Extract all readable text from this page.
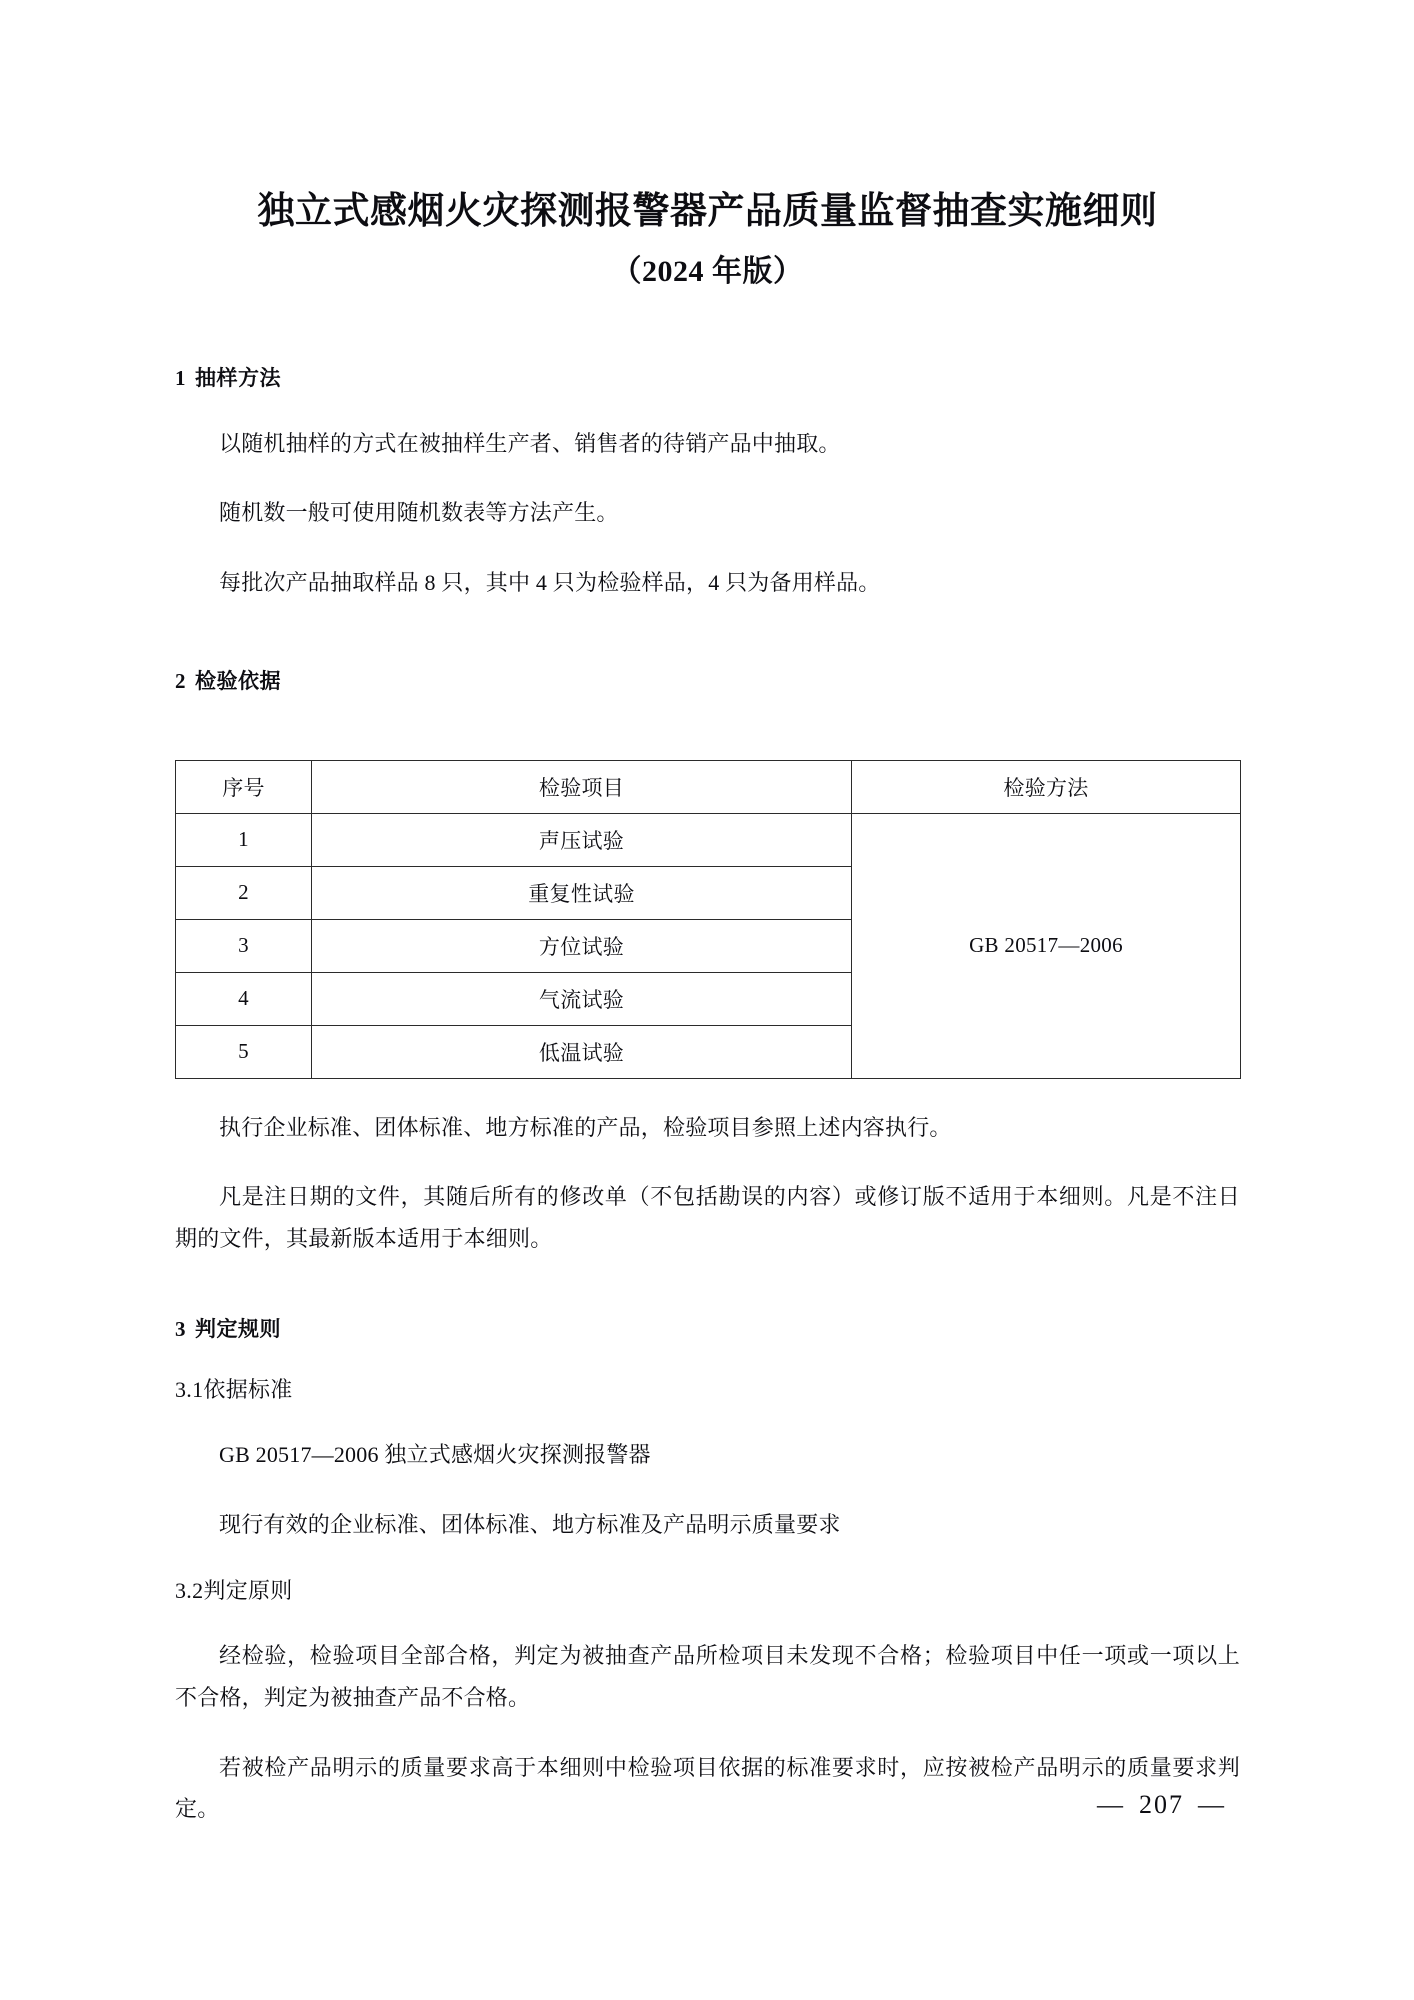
独立式感烟火灾探测报警器产品质量监督抽查实施细则
（2024 年版）
1 抽样方法

以随机抽样的方式在被抽样生产者、销售者的待销产品中抽取。

随机数一般可使用随机数表等方法产生。

每批次产品抽取样品 8 只，其中 4 只为检验样品，4 只为备用样品。

2 检验依据
序号	检验项目	检验方法
1	声压试验	GB 20517—2006
2	重复性试验	
3	方位试验	
4	气流试验	
5	低温试验	

执行企业标准、团体标准、地方标准的产品，检验项目参照上述内容执行。

凡是注日期的文件，其随后所有的修改单（不包括勘误的内容）或修订版不适用于本细则。凡是不注日期的文件，其最新版本适用于本细则。

3 判定规则
3.1依据标准

GB 20517—2006 独立式感烟火灾探测报警器

现行有效的企业标准、团体标准、地方标准及产品明示质量要求

3.2判定原则

经检验，检验项目全部合格，判定为被抽查产品所检项目未发现不合格；检验项目中任一项或一项以上不合格，判定为被抽查产品不合格。

若被检产品明示的质量要求高于本细则中检验项目依据的标准要求时，应按被检产品明示的质量要求判定。	— 207 —
